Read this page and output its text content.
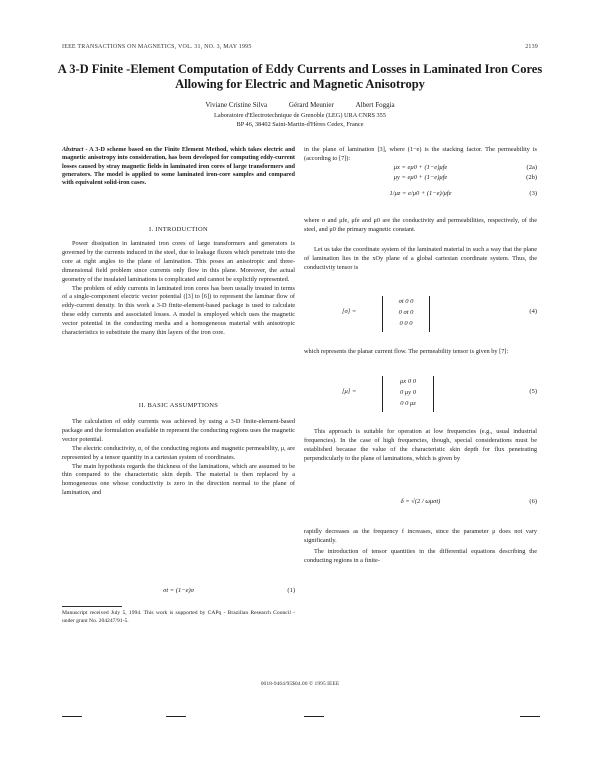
IEEE TRANSACTIONS ON MAGNETICS, VOL. 31, NO. 3, MAY 1995	2139
A 3-D Finite -Element Computation of Eddy Currents and Losses in Laminated Iron Cores Allowing for Electric and Magnetic Anisotropy
Viviane Cristine Silva	Gérard Meunier	Albert Foggia
Laboratoire d'Electrotechnique de Grenoble (LEG) URA CNRS 355
BP 46, 38402 Saint-Martin-d'Hères Cedex, France
Abstract - A 3-D scheme based on the Finite Element Method, which takes electric and magnetic anisotropy into consideration, has been developed for computing eddy-current losses caused by stray magnetic fields in laminated iron cores of large transformers and generators. The model is applied to some laminated iron-core samples and compared with equivalent solid-iron cases.
I. INTRODUCTION

Power dissipation in laminated iron cores of large transformers and generators is governed by the currents induced in the steel, due to leakage fluxes which penetrate into the core at right angles to the plane of lamination. This poses an anisotropic and three-dimensional field problem since currents only flow in this plane. Moreover, the actual geometry of the insulated laminations is complicated and cannot be explicitly represented.

The problem of eddy currents in laminated iron cores has been usually treated in terms of a single-component electric vector potential ([3] to [6]) to represent the laminar flow of eddy-current density. In this work a 3-D finite-element-based package is used to calculate these eddy currents and associated losses. A model is employed which uses the magnetic vector potential in the conducting media and a homogeneous material with anisotropic characteristics to substitute the many thin layers of the iron core.

II. BASIC ASSUMPTIONS

The calculation of eddy currents was achieved by using a 3-D finite-element-based package and the formulation available in represent the conducting regions uses the magnetic vector potential.

The electric conductivity, σ, of the conducting regions and magnetic permeability, μ, are represented by a tensor quantity in a cartesian system of coordinates.

The main hypothesis regards the thickness of the laminations, which are assumed to be thin compared to the characteristic skin depth. The material is then replaced by a homogeneous one whose conductivity is zero in the direction normal to the plane of lamination, and

σt = (1−e)σ	(1)
Manuscript received July 5, 1994. This work is supported by CAPq - Brazilian Research Council - under grant No. 204247/91-5.
in the plane of lamination [3], where (1−e) is the stacking factor. The permeability is (according to [7]):
μx = eμ0 + (1−e)μfe	(2a)
μy = eμ0 + (1−e)μfe	(2b)
1/μz = e/μ0 + (1−e)/μfe	(3)
where σ and μfe, μfe and μ0 are the conductivity and permeabilities, respectively, of the steel, and μ0 the primary magnetic constant.

Let us take the coordinate system of the laminated material in such a way that the plane of lamination lies in the xOy plane of a global cartesian coordinate system. Thus, the conductivity tensor is

[σ] =
σt 0 0
0 σt 0
0 0 0
(4)
which represents the planar current flow. The permeability tensor is given by [7]:
[μ] =
μx 0 0
0 μy 0
0 0 μz
(5)

This approach is suitable for operation at low frequencies (e.g., usual industrial frequencies). In the case of high frequencies, though, special considerations must be established because the value of the characteristic skin depth for flux penetrating perpendicularly to the plane of laminations, which is given by

δ = √(2 / ωμσt)	(6)
rapidly decreases as the frequency f increases, since the parameter μ does not vary significantly.

The introduction of tensor quantities in the differential equations describing the conducting regions in a finite-

0018-9464/95$04.00 © 1995 IEEE
